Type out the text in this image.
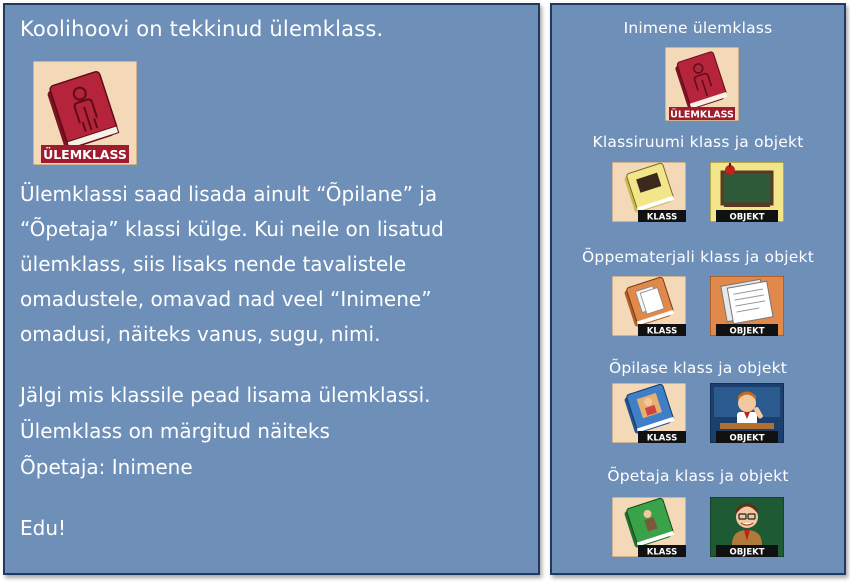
Koolihoovi on tekkinud ülemklass.
ÜLEMKLASS
Ülemklassi saad lisada ainult “Õpilane” ja
“Õpetaja” klassi külge. Kui neile on lisatud
ülemklass, siis lisaks nende tavalistele
omadustele, omavad nad veel “Inimene”
omadusi, näiteks vanus, sugu, nimi.
Jälgi mis klassile pead lisama ülemklassi.
Ülemklass on märgitud näiteks
Õpetaja: Inimene
Edu!
Inimene ülemklass
ÜLEMKLASS
Klassiruumi klass ja objekt
KLASS	OBJEKT
Õppematerjali klass ja objekt
KLASS	OBJEKT
Õpilase klass ja objekt
KLASS	OBJEKT
Õpetaja klass ja objekt
KLASS	OBJEKT
